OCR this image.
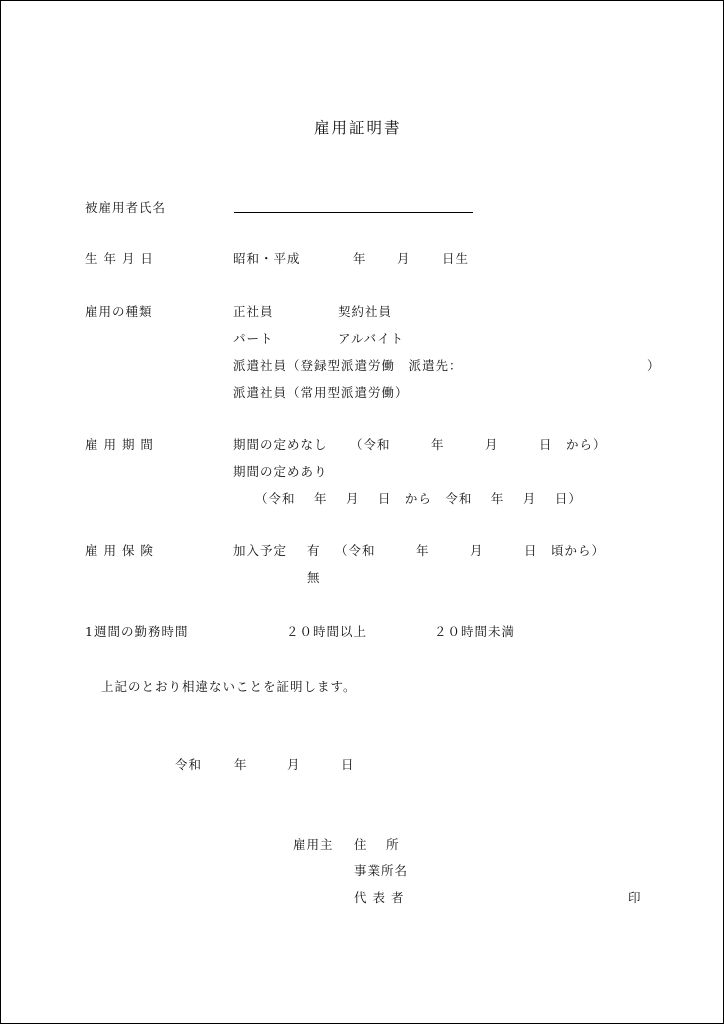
雇用証明書
被雇用者氏名
生 年 月 日	昭和・平成	年 月	日生
雇用の種類	正社員	契約社員
パート	アルバイト
派遣社員（登録型派遣労働　派遣先：	）
派遣社員（常用型派遣労働）
雇 用 期 間	期間の定めなし （令和　　　年　　　月　　　日　から）
期間の定めあり
（令和　 年　 月　 日　から　令和　 年　 月　 日）
雇 用 保 険	加入予定 有 （令和　　　年　　　月　　　日　頃から）
無
1週間の勤務時間	２０時間以上	２０時間未満
上記のとおり相違ないことを証明します。
令和	年	月	日
雇用主 住　 所
事業所名
代 表 者	印
